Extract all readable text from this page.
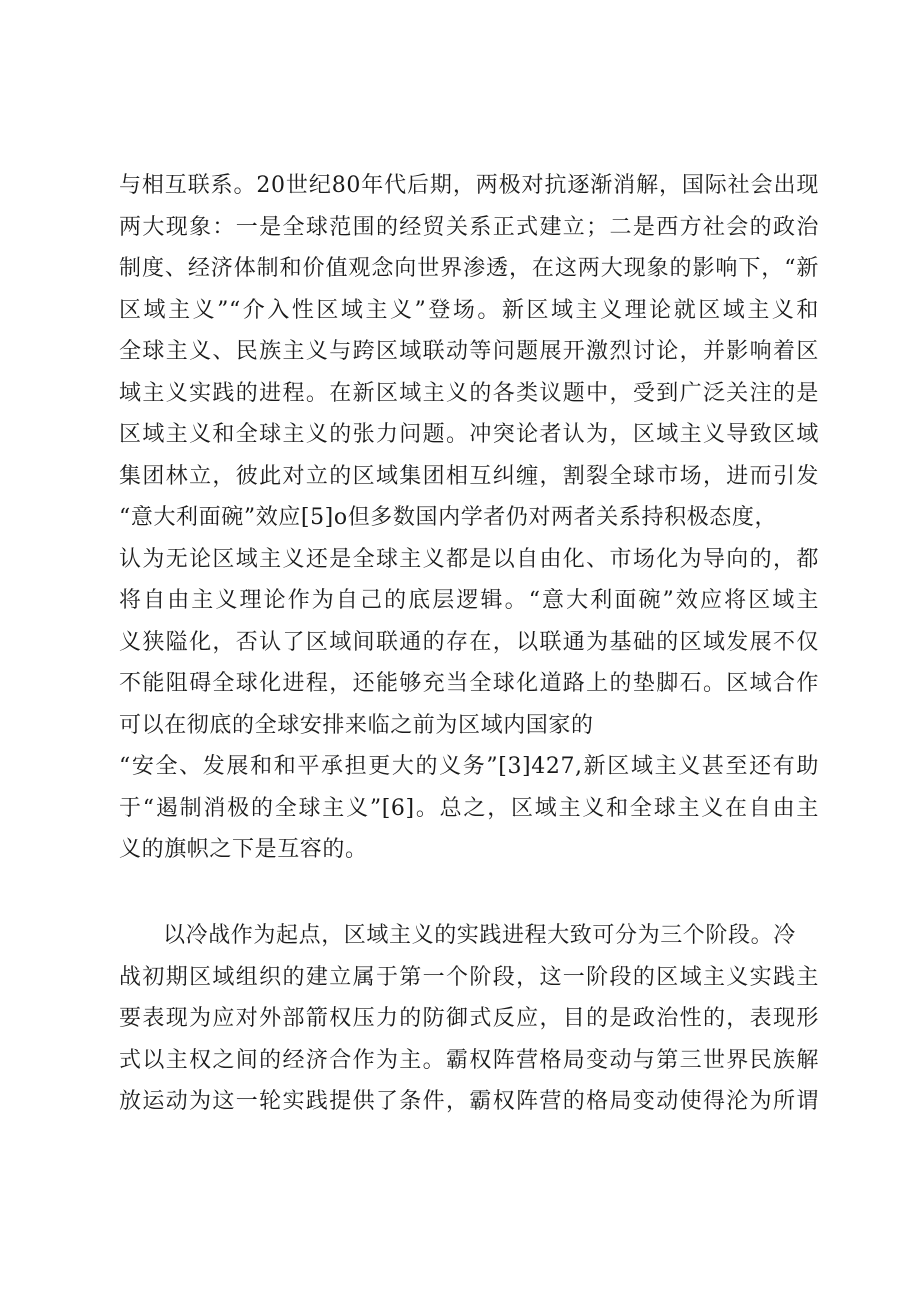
与相互联系。20世纪80年代后期，两极对抗逐渐消解，国际社会出现
两大现象：一是全球范围的经贸关系正式建立；二是西方社会的政治
制度、经济体制和价值观念向世界渗透，在这两大现象的影响下，“新
区域主义”“介入性区域主义”登场。新区域主义理论就区域主义和
全球主义、民族主义与跨区域联动等问题展开激烈讨论，并影响着区
域主义实践的进程。在新区域主义的各类议题中，受到广泛关注的是
区域主义和全球主义的张力问题。冲突论者认为，区域主义导致区域
集团林立，彼此对立的区域集团相互纠缠，割裂全球市场，进而引发
“意大利面碗”效应[5]o但多数国内学者仍对两者关系持积极态度，
认为无论区域主义还是全球主义都是以自由化、市场化为导向的，都
将自由主义理论作为自己的底层逻辑。“意大利面碗”效应将区域主
义狭隘化，否认了区域间联通的存在，以联通为基础的区域发展不仅
不能阻碍全球化进程，还能够充当全球化道路上的垫脚石。区域合作
可以在彻底的全球安排来临之前为区域内国家的
“安全、发展和和平承担更大的义务”[3]427,新区域主义甚至还有助
于“遏制消极的全球主义”[6]。总之，区域主义和全球主义在自由主
义的旗帜之下是互容的。
以冷战作为起点，区域主义的实践进程大致可分为三个阶段。冷
战初期区域组织的建立属于第一个阶段，这一阶段的区域主义实践主
要表现为应对外部箭权压力的防御式反应，目的是政治性的，表现形
式以主权之间的经济合作为主。霸权阵营格局变动与第三世界民族解
放运动为这一轮实践提供了条件，霸权阵营的格局变动使得沦为所谓
